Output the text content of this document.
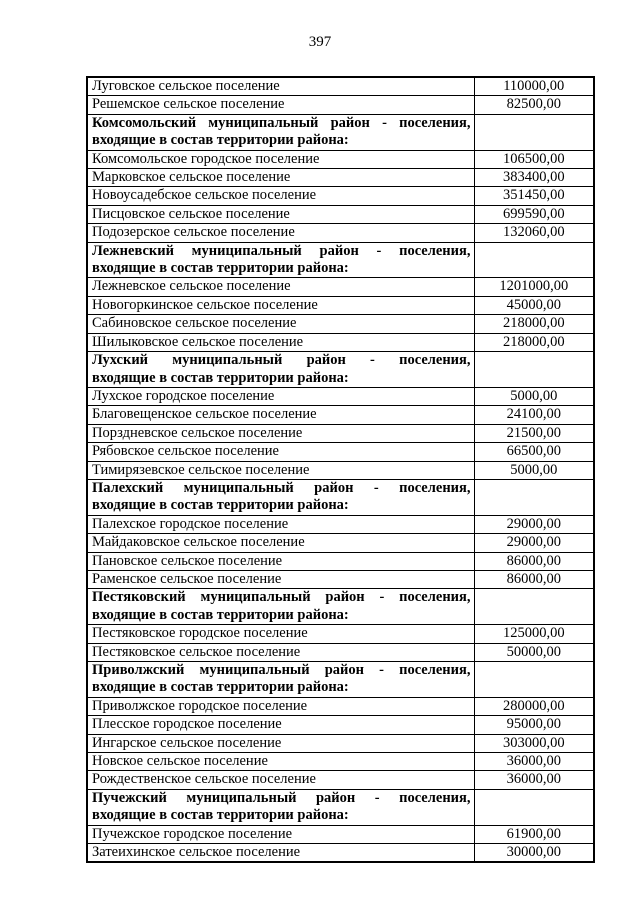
397
Луговское сельское поселение	110000,00
Решемское сельское поселение	82500,00

Комсомольский муниципальный район - поселения,
входящие в состав территории района:	

Комсомольское городское поселение	106500,00
Марковское сельское поселение	383400,00
Новоусадебское сельское поселение	351450,00
Писцовское сельское поселение	699590,00
Подозерское сельское поселение	132060,00

Лежневский муниципальный район - поселения,
входящие в состав территории района:	

Лежневское сельское поселение	1201000,00
Новогоркинское сельское поселение	45000,00
Сабиновское сельское поселение	218000,00
Шилыковское сельское поселение	218000,00

Лухский муниципальный район - поселения,
входящие в состав территории района:	

Лухское городское поселение	5000,00
Благовещенское сельское поселение	24100,00
Порздневское сельское поселение	21500,00
Рябовское сельское поселение	66500,00
Тимирязевское сельское поселение	5000,00

Палехский муниципальный район - поселения,
входящие в состав территории района:	

Палехское городское поселение	29000,00
Майдаковское сельское поселение	29000,00
Пановское сельское поселение	86000,00
Раменское сельское поселение	86000,00

Пестяковский муниципальный район - поселения,
входящие в состав территории района:	

Пестяковское городское поселение	125000,00
Пестяковское сельское поселение	50000,00

Приволжский муниципальный район - поселения,
входящие в состав территории района:	

Приволжское городское поселение	280000,00
Плесское городское поселение	95000,00
Ингарское сельское поселение	303000,00
Новское сельское поселение	36000,00
Рождественское сельское поселение	36000,00

Пучежский муниципальный район - поселения,
входящие в состав территории района:	

Пучежское городское поселение	61900,00
Затеихинское сельское поселение	30000,00
